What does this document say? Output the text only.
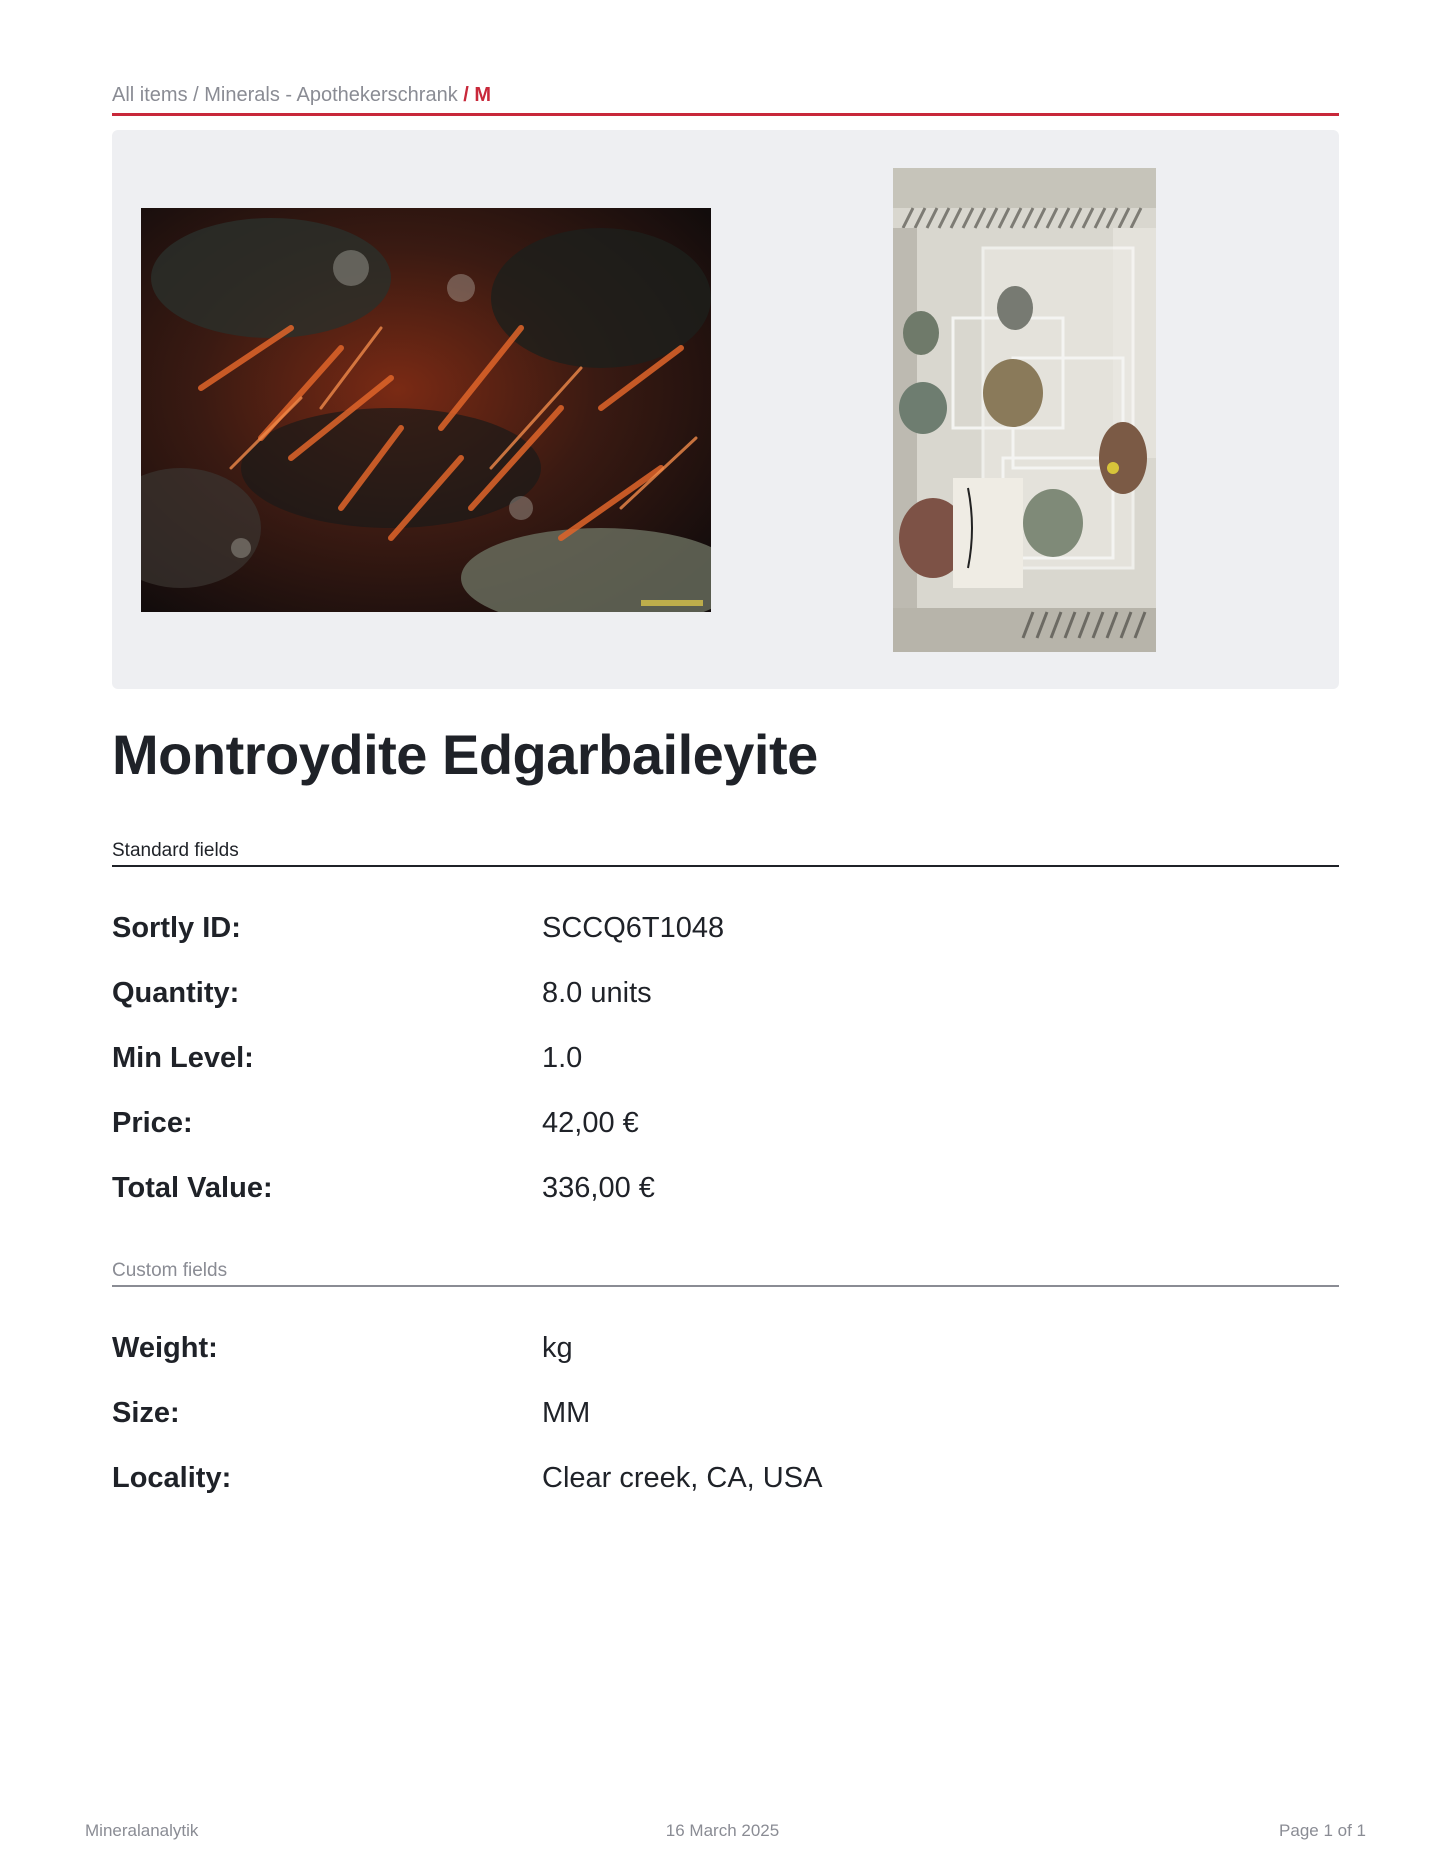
All items / Minerals - Apothekerschrank / M
Montroydite Edgarbaileyite
Standard fields
Sortly ID:	SCCQ6T1048
Quantity:	8.0 units
Min Level:	1.0
Price:	42,00 €
Total Value:	336,00 €
Custom fields
Weight:	kg
Size:	MM
Locality:	Clear creek, CA, USA
Mineralanalytik	16 March 2025	Page 1 of 1
